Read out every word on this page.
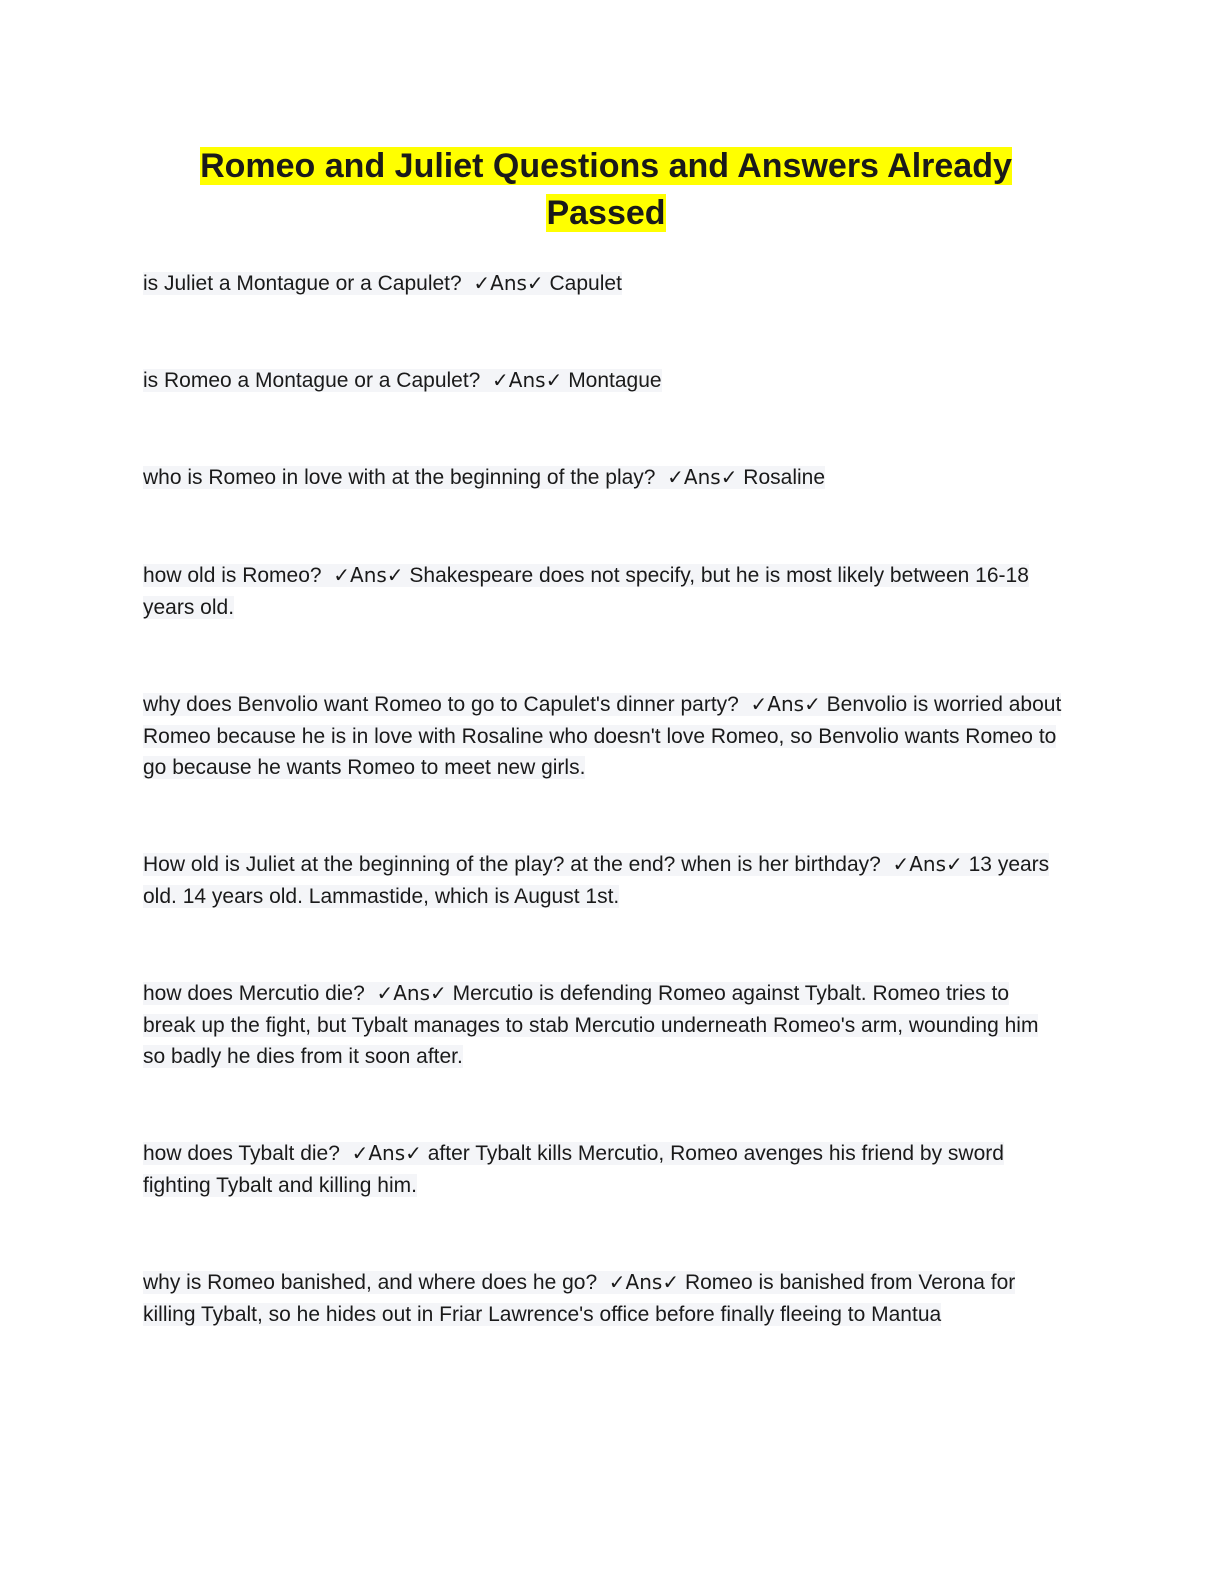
Romeo and Juliet Questions and Answers Already Passed

is Juliet a Montague or a Capulet? ✓Ans✓ Capulet

is Romeo a Montague or a Capulet? ✓Ans✓ Montague

who is Romeo in love with at the beginning of the play? ✓Ans✓ Rosaline

how old is Romeo? ✓Ans✓ Shakespeare does not specify, but he is most likely between 16-18 years old.

why does Benvolio want Romeo to go to Capulet's dinner party? ✓Ans✓ Benvolio is worried about Romeo because he is in love with Rosaline who doesn't love Romeo, so Benvolio wants Romeo to go because he wants Romeo to meet new girls.

How old is Juliet at the beginning of the play? at the end? when is her birthday? ✓Ans✓ 13 years old. 14 years old. Lammastide, which is August 1st.

how does Mercutio die? ✓Ans✓ Mercutio is defending Romeo against Tybalt. Romeo tries to break up the fight, but Tybalt manages to stab Mercutio underneath Romeo's arm, wounding him so badly he dies from it soon after.

how does Tybalt die? ✓Ans✓ after Tybalt kills Mercutio, Romeo avenges his friend by sword fighting Tybalt and killing him.

why is Romeo banished, and where does he go? ✓Ans✓ Romeo is banished from Verona for killing Tybalt, so he hides out in Friar Lawrence's office before finally fleeing to Mantua
